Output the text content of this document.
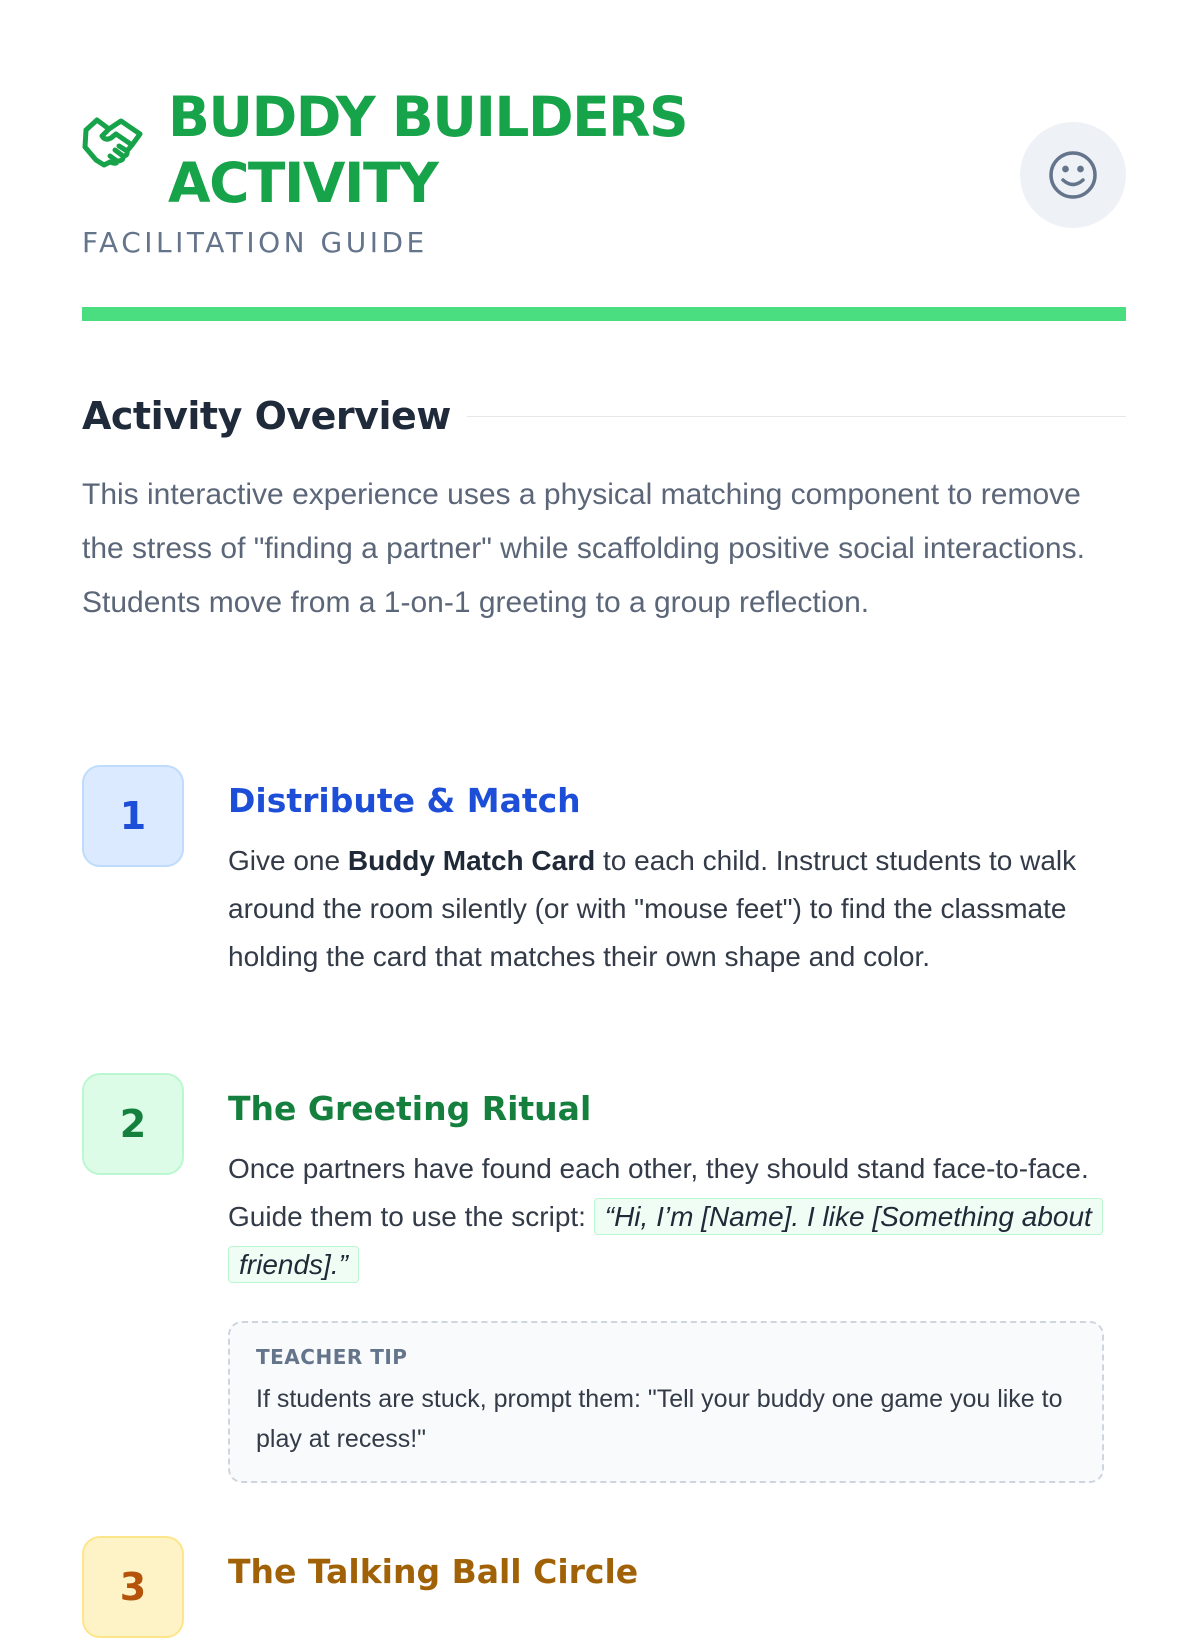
BUDDY BUILDERS ACTIVITY
FACILITATION GUIDE
Activity Overview

This interactive experience uses a physical matching component to remove the stress of "finding a partner" while scaffolding positive social interactions. Students move from a 1-on-1 greeting to a group reflection.

1	Distribute & Match

Give one Buddy Match Card to each child. Instruct students to walk around the room silently (or with "mouse feet") to find the classmate holding the card that matches their own shape and color.

2	The Greeting Ritual

Once partners have found each other, they should stand face-to-face. Guide them to use the script: “Hi, I’m [Name]. I like [Something about friends].”

TEACHER TIP

If students are stuck, prompt them: "Tell your buddy one game you like to play at recess!"

3	The Talking Ball Circle
